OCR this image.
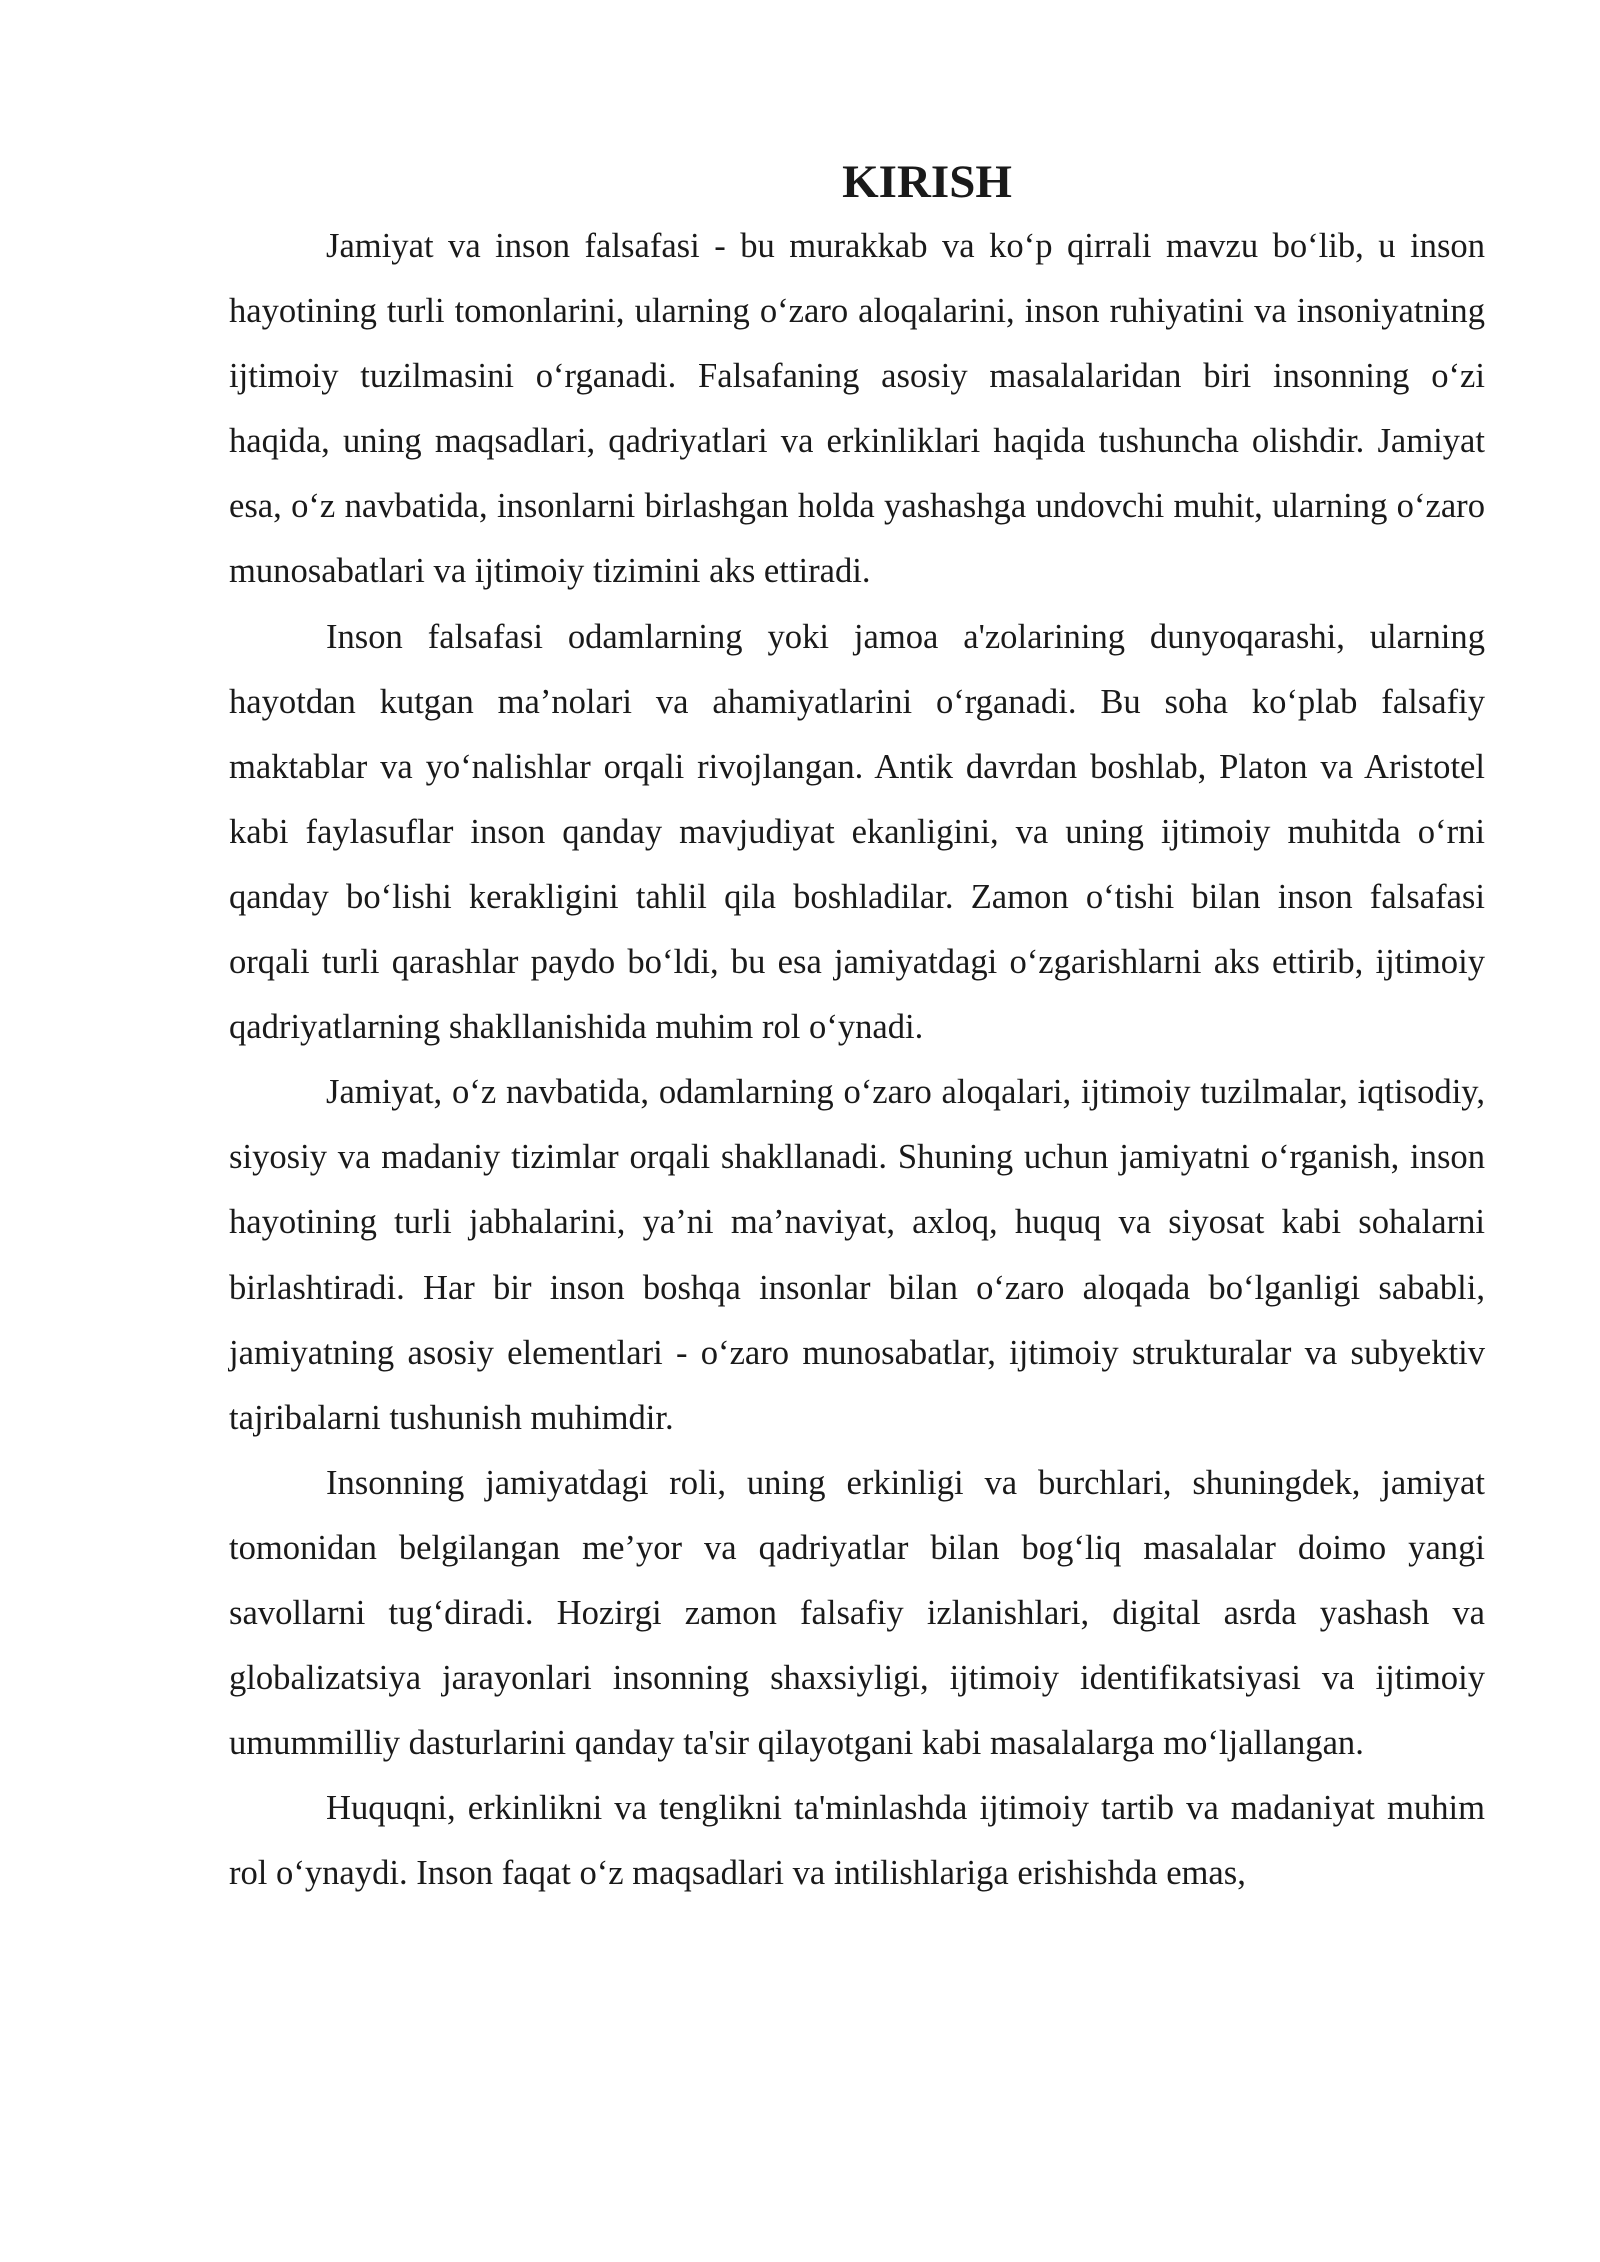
KIRISH

Jamiyat va inson falsafasi - bu murakkab va ko‘p qirrali mavzu bo‘lib, u inson hayotining turli tomonlarini, ularning o‘zaro aloqalarini, inson ruhiyatini va insoniyatning ijtimoiy tuzilmasini o‘rganadi. Falsafaning asosiy masalalaridan biri insonning o‘zi haqida, uning maqsadlari, qadriyatlari va erkinliklari haqida tushuncha olishdir. Jamiyat esa, o‘z navbatida, insonlarni birlashgan holda yashashga undovchi muhit, ularning o‘zaro munosabatlari va ijtimoiy tizimini aks ettiradi.

Inson falsafasi odamlarning yoki jamoa a'zolarining dunyoqarashi, ularning hayotdan kutgan ma’nolari va ahamiyatlarini o‘rganadi. Bu soha ko‘plab falsafiy maktablar va yo‘nalishlar orqali rivojlangan. Antik davrdan boshlab, Platon va Aristotel kabi faylasuflar inson qanday mavjudiyat ekanligini, va uning ijtimoiy muhitda o‘rni qanday bo‘lishi kerakligini tahlil qila boshladilar. Zamon o‘tishi bilan inson falsafasi orqali turli qarashlar paydo bo‘ldi, bu esa jamiyatdagi o‘zgarishlarni aks ettirib, ijtimoiy qadriyatlarning shakllanishida muhim rol o‘ynadi.

Jamiyat, o‘z navbatida, odamlarning o‘zaro aloqalari, ijtimoiy tuzilmalar, iqtisodiy, siyosiy va madaniy tizimlar orqali shakllanadi. Shuning uchun jamiyatni o‘rganish, inson hayotining turli jabhalarini, ya’ni ma’naviyat, axloq, huquq va siyosat kabi sohalarni birlashtiradi. Har bir inson boshqa insonlar bilan o‘zaro aloqada bo‘lganligi sababli, jamiyatning asosiy elementlari - o‘zaro munosabatlar, ijtimoiy strukturalar va subyektiv tajribalarni tushunish muhimdir.

Insonning jamiyatdagi roli, uning erkinligi va burchlari, shuningdek, jamiyat tomonidan belgilangan me’yor va qadriyatlar bilan bog‘liq masalalar doimo yangi savollarni tug‘diradi. Hozirgi zamon falsafiy izlanishlari, digital asrda yashash va globalizatsiya jarayonlari insonning shaxsiyligi, ijtimoiy identifikatsiyasi va ijtimoiy umummilliy dasturlarini qanday ta'sir qilayotgani kabi masalalarga mo‘ljallangan.

Huquqni, erkinlikni va tenglikni ta'minlashda ijtimoiy tartib va madaniyat muhim rol o‘ynaydi. Inson faqat o‘z maqsadlari va intilishlariga erishishda emas,
